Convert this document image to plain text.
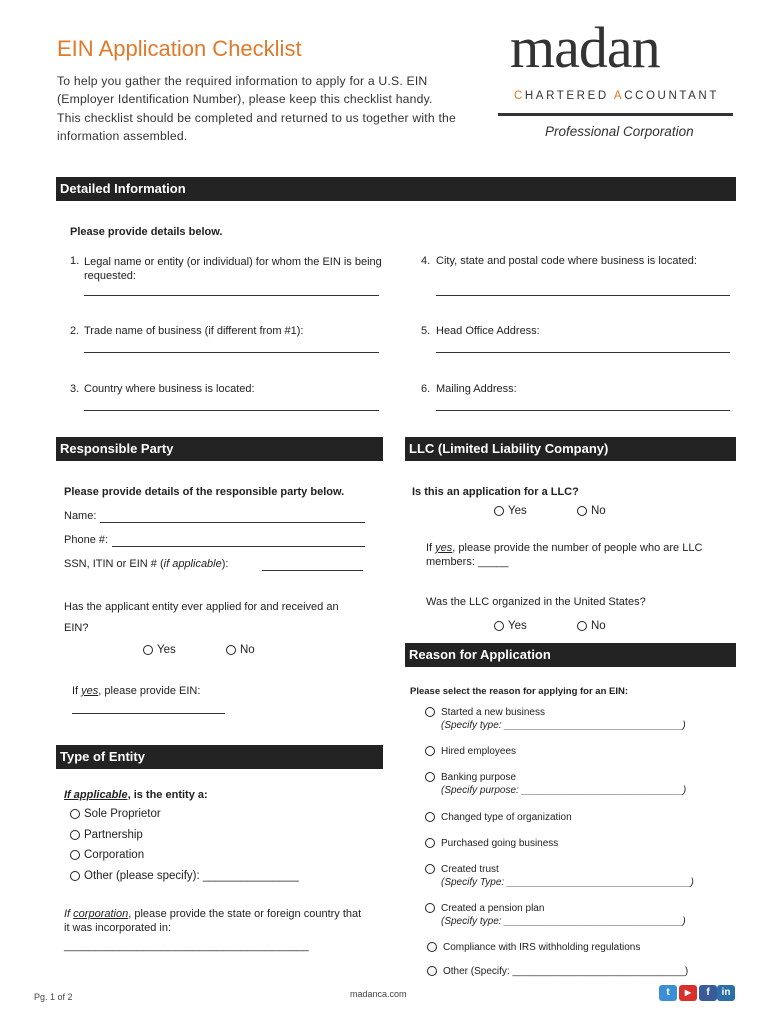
EIN Application Checklist
To help you gather the required information to apply for a U.S. EIN (Employer Identification Number), please keep this checklist handy. This checklist should be completed and returned to us together with the information assembled.
madan
CHARTERED ACCOUNTANT
Professional Corporation
Detailed Information
Please provide details below.
1. Legal name or entity (or individual) for whom the EIN is being requested:
2. Trade name of business (if different from #1):
3. Country where business is located:
4. City, state and postal code where business is located:
5. Head Office Address:
6. Mailing Address:
Responsible Party
Please provide details of the responsible party below.
Name:
Phone #:
SSN, ITIN or EIN # (if applicable):
Has the applicant entity ever applied for and received an EIN?
Yes	No
If yes, please provide EIN:
LLC (Limited Liability Company)
Is this an application for a LLC?
Yes	No
If yes, please provide the number of people who are LLC members: _____
Was the LLC organized in the United States?
Yes	No
Reason for Application
Please select the reason for applying for an EIN:
Started a new business
(Specify type: ________________________________)
Hired employees
Banking purpose
(Specify purpose: _____________________________)
Changed type of organization
Purchased going business
Created trust
(Specify Type: _________________________________)
Created a pension plan
(Specify type: ________________________________)
Compliance with IRS withholding regulations
Other (Specify: _______________________________)
Type of Entity
If applicable, is the entity a:
Sole Proprietor
Partnership
Corporation
Other (please specify): _______________
If corporation, please provide the state or foreign country that it was incorporated in:
________________________________________
Pg. 1 of 2	madanca.com	t	▶	f	in
